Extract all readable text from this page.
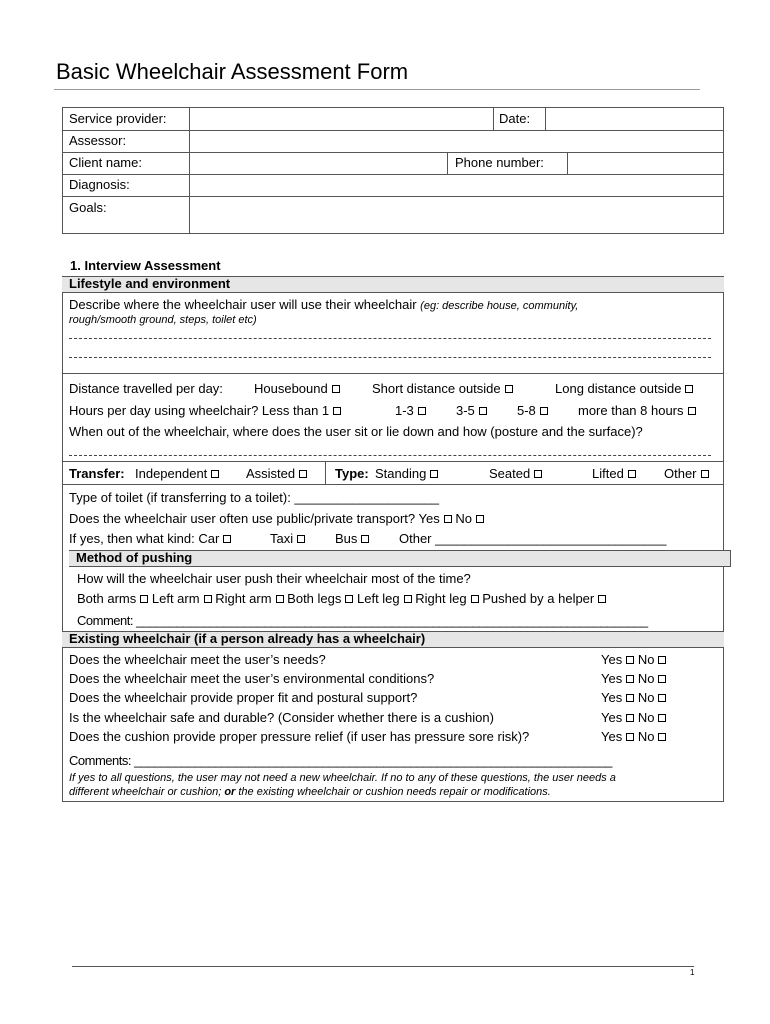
Basic Wheelchair Assessment Form
Service provider:	Date:
Assessor:
Client name:	Phone number:
Diagnosis:
Goals:
1. Interview Assessment
Lifestyle and environment
Describe where the wheelchair user will use their wheelchair (eg: describe house, community,
rough/smooth ground, steps, toilet etc)
Distance travelled per day: Housebound	Short distance outside	Long distance outside
Hours per day using wheelchair? Less than 1	1-3	3-5	5-8	more than 8 hours
When out of the wheelchair, where does the user sit or lie down and how (posture and the surface)?
Transfer: Independent	Assisted	Type: Standing	Seated	Lifted	Other
Type of toilet (if transferring to a toilet): ____________________
Does the wheelchair user often use public/private transport? Yes No
If yes, then what kind: Car	Taxi	Bus	Other ________________________________
Method of pushing
How will the wheelchair user push their wheelchair most of the time?
Both arms Left arm Right arm Both legs Left leg Right leg Pushed by a helper
Comment: ____________________________________________________________________________
Existing wheelchair (if a person already has a wheelchair)
Does the wheelchair meet the user’s needs?	Yes No
Does the wheelchair meet the user’s environmental conditions?	Yes No
Does the wheelchair provide proper fit and postural support?	Yes No
Is the wheelchair safe and durable? (Consider whether there is a cushion)	Yes No
Does the cushion provide proper pressure relief (if user has pressure sore risk)?	Yes No
Comments: _______________________________________________________________________
If yes to all questions, the user may not need a new wheelchair. If no to any of these questions, the user needs a
different wheelchair or cushion; or the existing wheelchair or cushion needs repair or modifications.
1
